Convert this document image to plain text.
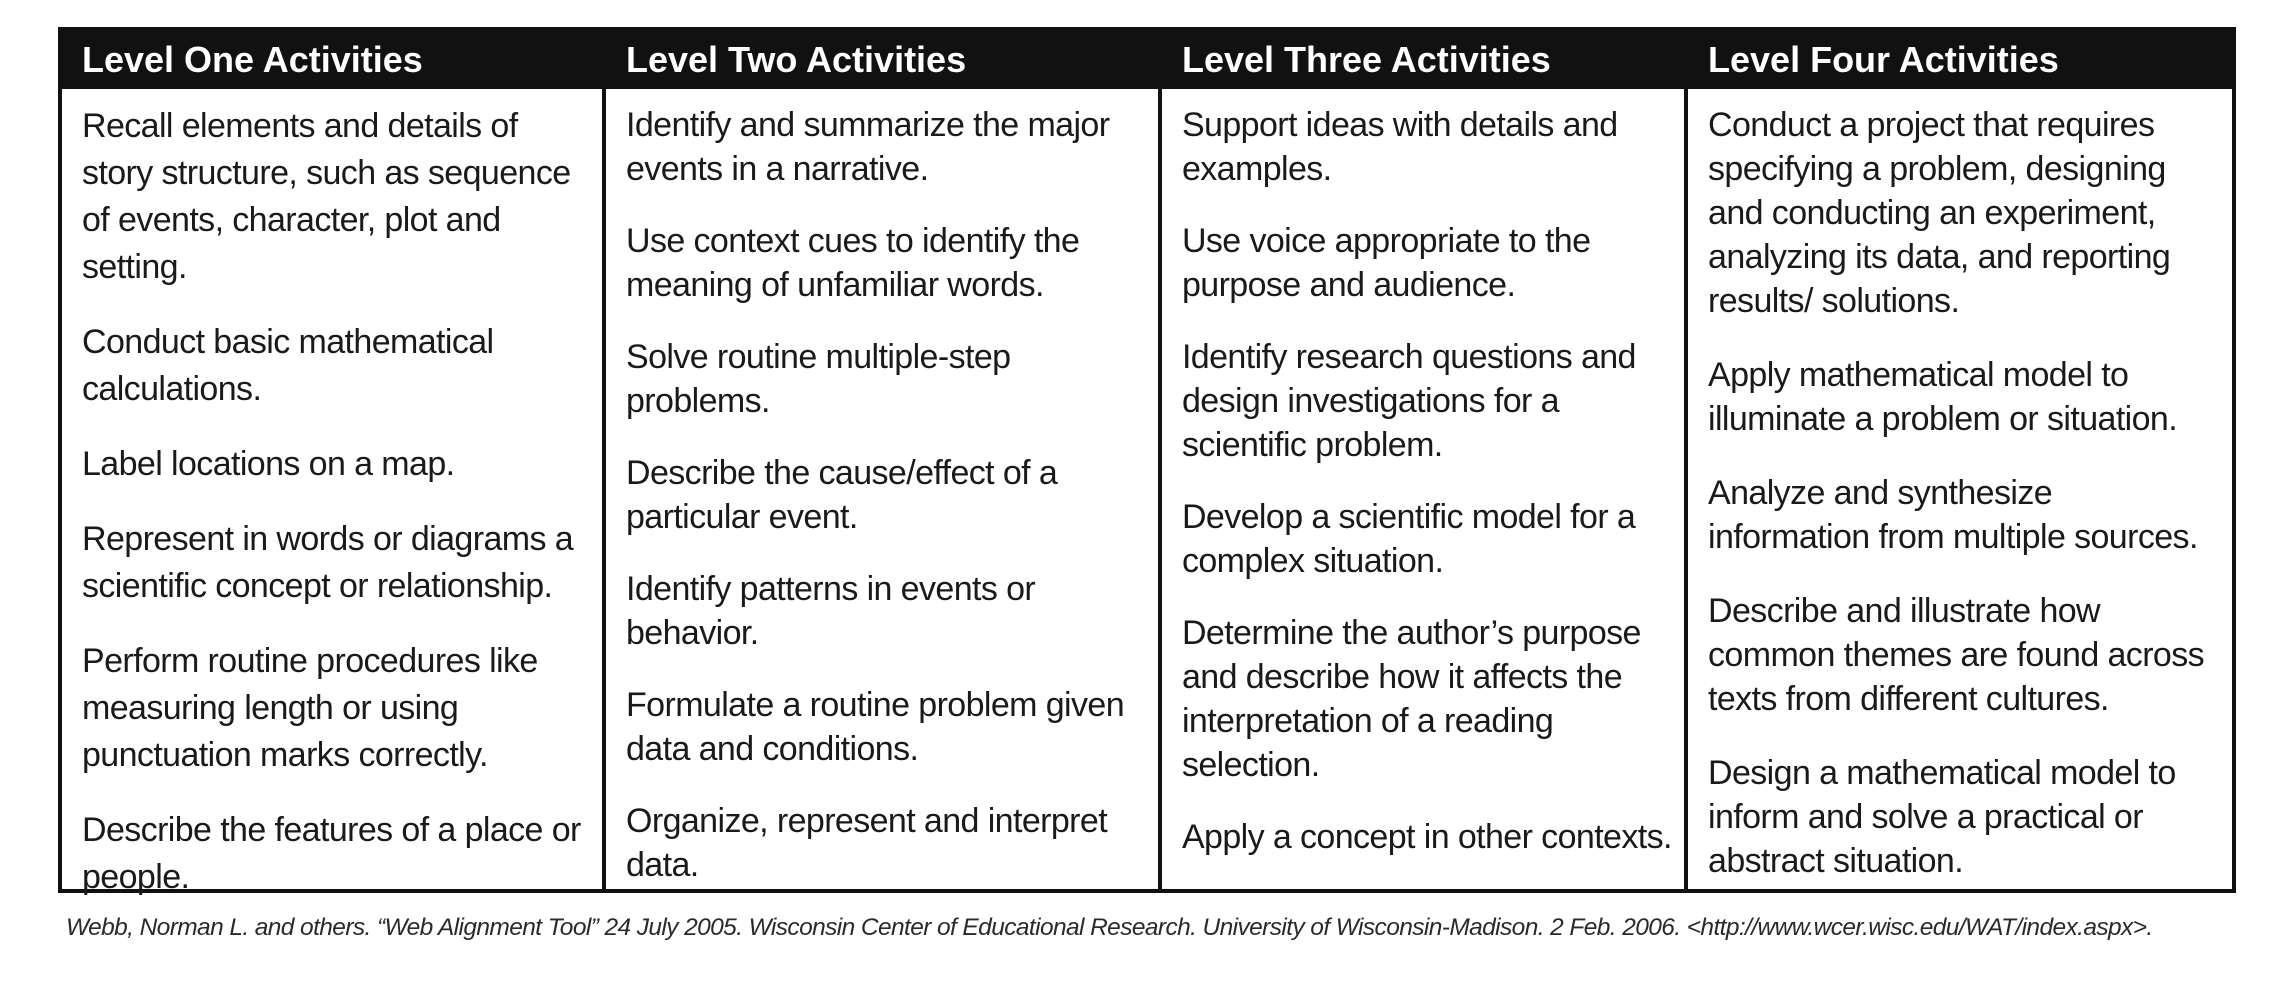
Level One Activities

Recall elements and details of story structure, such as sequence of events, character, plot and setting.

Conduct basic mathematical calculations.

Label locations on a map.

Represent in words or diagrams a scientific concept or relationship.

Perform routine procedures like measuring length or using punctuation marks correctly.

Describe the features of a place or people.

Level Two Activities

Identify and summarize the major events in a narrative.

Use context cues to identify the meaning of unfamiliar words.

Solve routine multiple-step problems.

Describe the cause/effect of a particular event.

Identify patterns in events or behavior.

Formulate a routine problem given data and conditions.

Organize, represent and interpret data.

Level Three Activities

Support ideas with details and examples.

Use voice appropriate to the purpose and audience.

Identify research questions and design investigations for a scientific problem.

Develop a scientific model for a complex situation.

Determine the author’s purpose and describe how it affects the interpretation of a reading selection.

Apply a concept in other contexts.

Level Four Activities

Conduct a project that requires specifying a problem, designing and conducting an experiment, analyzing its data, and reporting results/ solutions.

Apply mathematical model to illuminate a problem or situation.

Analyze and synthesize information from multiple sources.

Describe and illustrate how common themes are found across texts from different cultures.

Design a mathematical model to inform and solve a practical or abstract situation.

Webb, Norman L. and others. “Web Alignment Tool” 24 July 2005. Wisconsin Center of Educational Research. University of Wisconsin-Madison. 2 Feb. 2006. <http://www.wcer.wisc.edu/WAT/index.aspx>.
